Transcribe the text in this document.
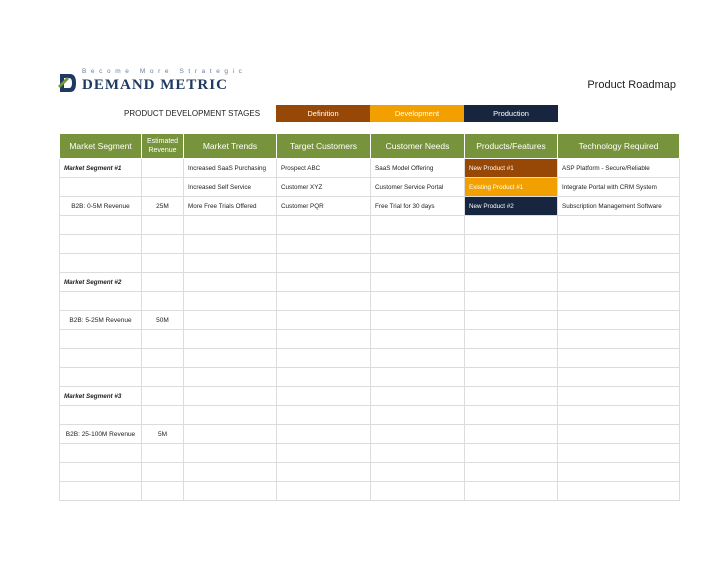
Become More Strategic
DEMAND METRIC	Product Roadmap
PRODUCT DEVELOPMENT STAGES	Definition	Development	Production
Market Segment	Estimated Revenue	Market Trends	Target Customers	Customer Needs	Products/Features	Technology Required
Market Segment #1		Increased SaaS Purchasing	Prospect ABC	SaaS Model Offering	New Product #1	ASP Platform - Secure/Reliable
		Increased Self Service	Customer XYZ	Customer Service Portal	Existing Product #1	Integrate Portal with CRM System
B2B: 0-5M Revenue	25M	More Free Trials Offered	Customer PQR	Free Trial for 30 days	New Product #2	Subscription Management Software

Market Segment #2						

B2B: 5-25M Revenue	50M					

Market Segment #3						

B2B: 25-100M Revenue	5M					
